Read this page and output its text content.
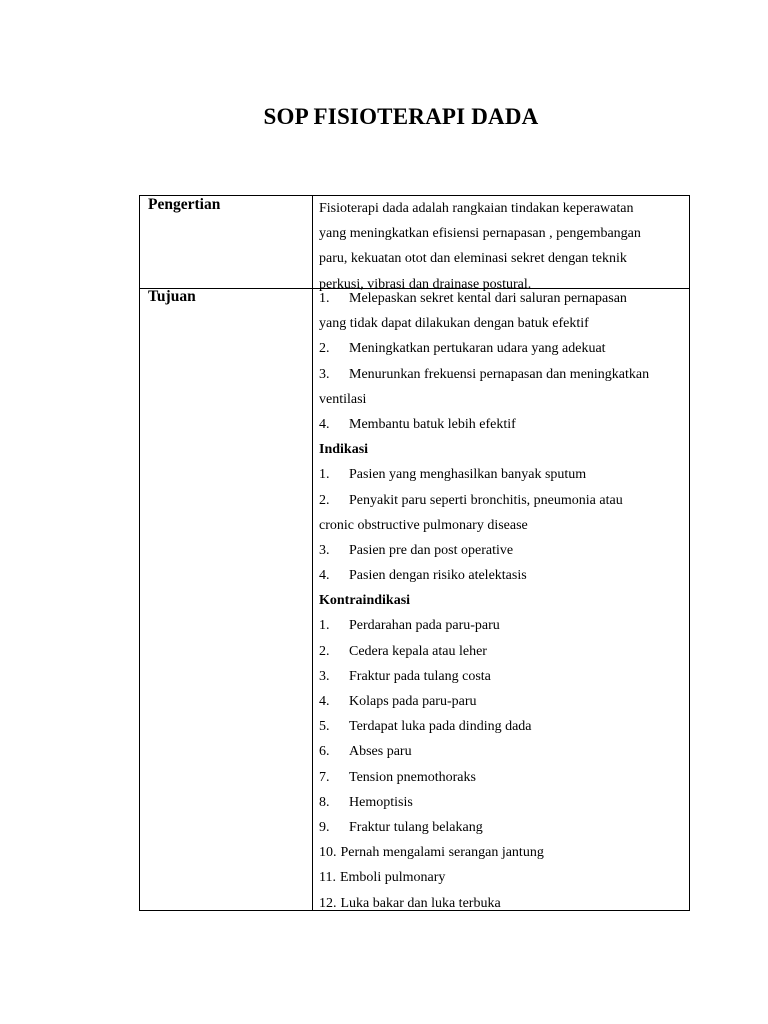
SOP FISIOTERAPI DADA
Pengertian
Tujuan
Fisioterapi dada adalah rangkaian tindakan keperawatan
yang meningkatkan efisiensi pernapasan , pengembangan
paru, kekuatan otot dan eleminasi sekret dengan teknik
perkusi, vibrasi dan drainase postural.
1. Melepaskan sekret kental dari saluran pernapasan
yang tidak dapat dilakukan dengan batuk efektif
2. Meningkatkan pertukaran udara yang adekuat
3. Menurunkan frekuensi pernapasan dan meningkatkan
ventilasi
4. Membantu batuk lebih efektif
Indikasi
1. Pasien yang menghasilkan banyak sputum
2. Penyakit paru seperti bronchitis, pneumonia atau
cronic obstructive pulmonary disease
3. Pasien pre dan post operative
4. Pasien dengan risiko atelektasis
Kontraindikasi
1. Perdarahan pada paru-paru
2. Cedera kepala atau leher
3. Fraktur pada tulang costa
4. Kolaps pada paru-paru
5. Terdapat luka pada dinding dada
6. Abses paru
7. Tension pnemothoraks
8. Hemoptisis
9. Fraktur tulang belakang
10. Pernah mengalami serangan jantung
11. Emboli pulmonary
12. Luka bakar dan luka terbuka
